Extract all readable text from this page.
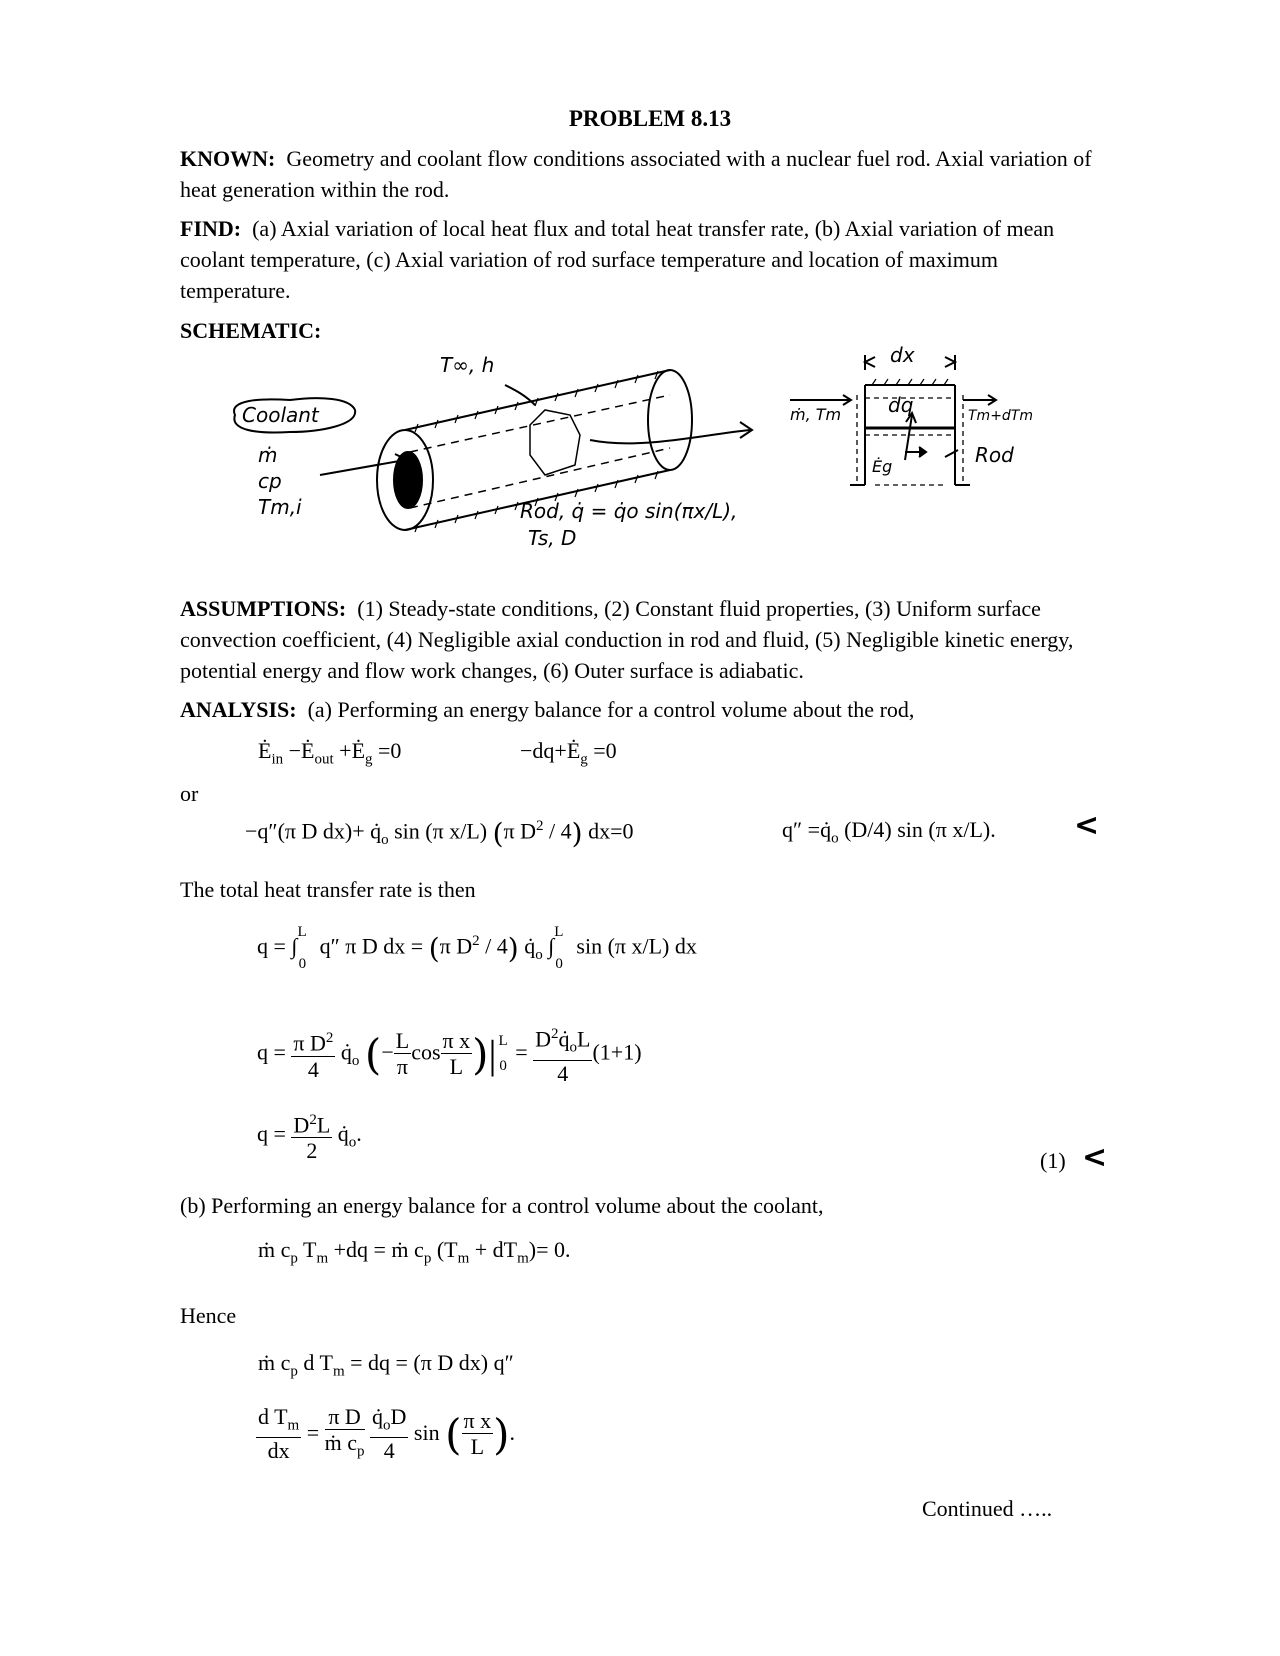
PROBLEM 8.13
KNOWN: Geometry and coolant flow conditions associated with a nuclear fuel rod. Axial variation of heat generation within the rod.
FIND: (a) Axial variation of local heat flux and total heat transfer rate, (b) Axial variation of mean coolant temperature, (c) Axial variation of rod surface temperature and location of maximum temperature.
SCHEMATIC:
Coolant
ṁ
cp
Tm,i
T∞, h
Rod, q̇ = q̇o sin(πx/L),
Ts, D
dx
dq
ṁ, Tm	Tm+dTm
Ėg	Rod
ASSUMPTIONS: (1) Steady-state conditions, (2) Constant fluid properties, (3) Uniform surface convection coefficient, (4) Negligible axial conduction in rod and fluid, (5) Negligible kinetic energy, potential energy and flow work changes, (6) Outer surface is adiabatic.
ANALYSIS: (a) Performing an energy balance for a control volume about the rod,
$Ė_{in}$ $-Ė_{out}$ $+Ė_g =0$	$-dq+Ė_g =0$
or
−q″(π D $dx)+ q̇_o$ sin (π x/L) (π $D^2 / 4$) dx=0	$q'' =q̇_o$ (D/4) sin (π x/L).	<
The total heat transfer rate is then
q = ∫$^L_0$ q″ π D dx = (π $D^2 / 4$) $q̇_o$ ∫$^L_0$ sin (π x/L) dx
$q = \frac{\pi D^2}{4}$ $q̇_o$ (− $\frac{L}{\pi}$ $\cos \frac{\text{π x}}{L}$ )| L
0
= $\frac{D^2q̇_oL}{4} (1+1)$
$q = \frac{D^2L}{2}$ $q̇_o$.
(1) <
(b) Performing an energy balance for a control volume about the coolant,
ṁ $c_p$ $T_m +dq$ = ṁ $c_p$ $(T_m + dT_m)= 0$.
Hence
ṁ $c_p$ d $T_m$ = dq = (π D dx) q″
$\frac{d T_m}{dx} = \frac{\text{π D}}{ṁ c_p}$
$\frac{q̇_oD}{4}$ sin ( $\frac{\text{π x}}{L}$ ).
Continued …..
